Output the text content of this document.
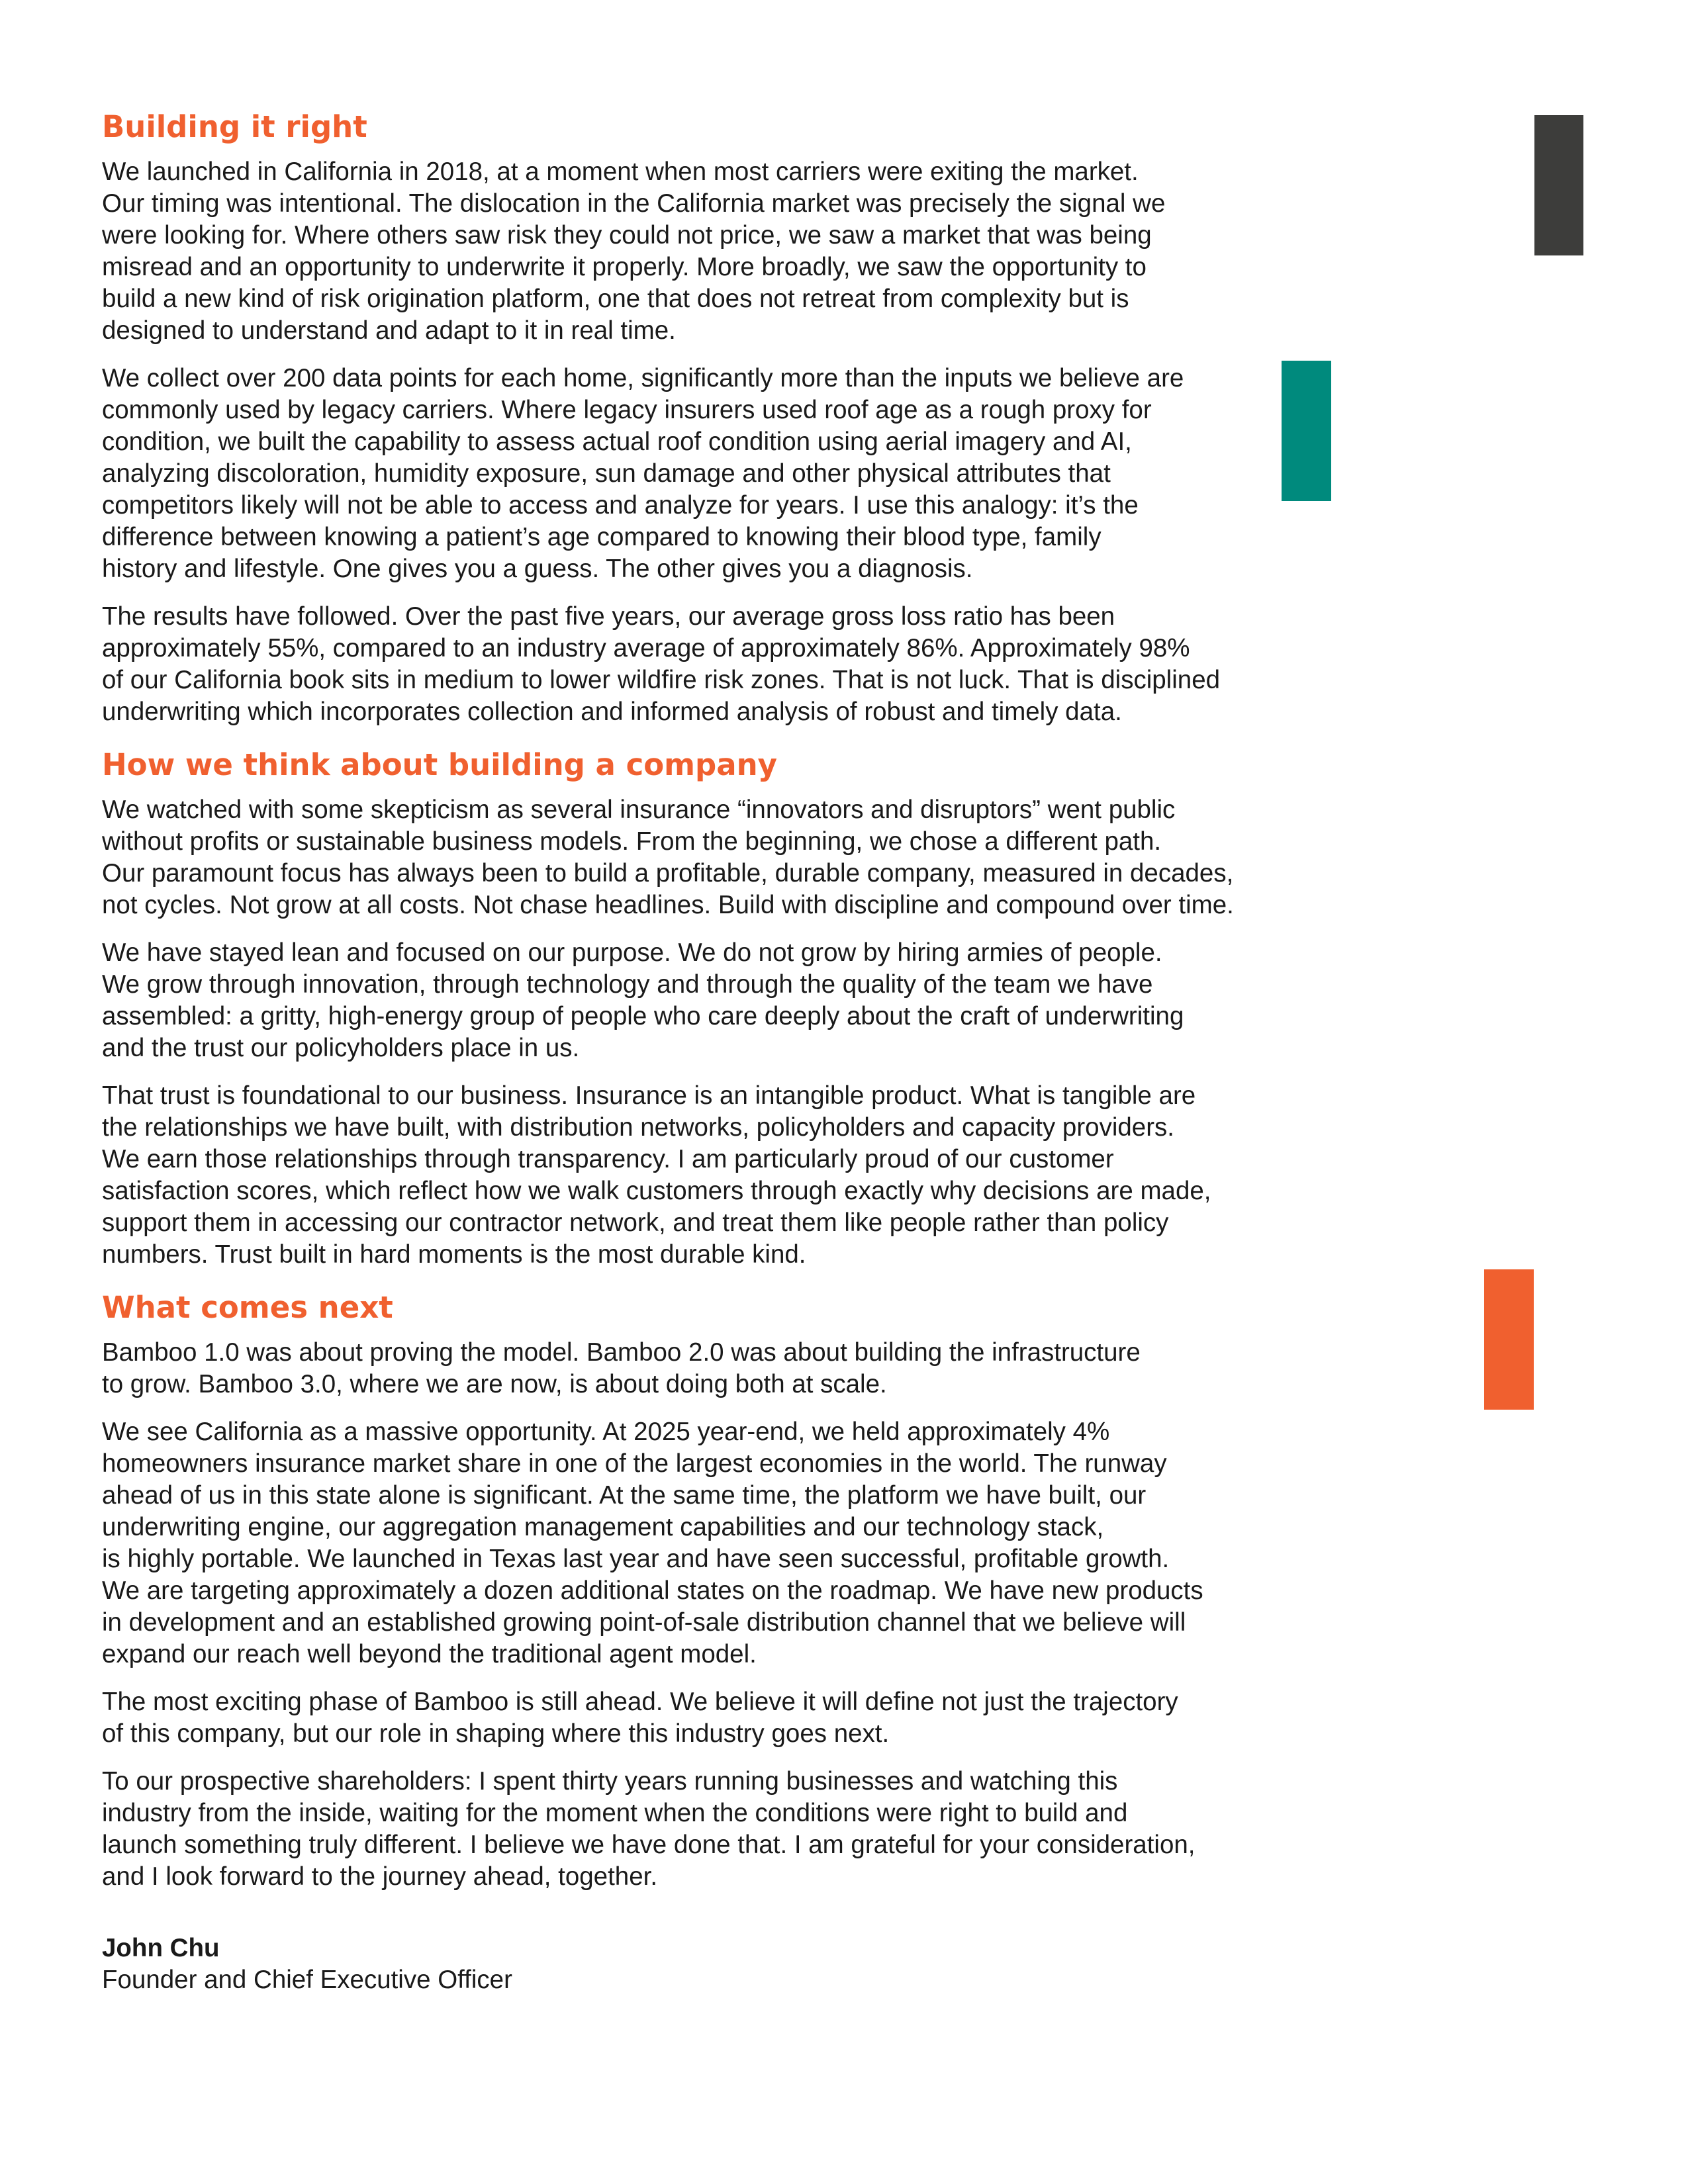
Building it right

We launched in California in 2018, at a moment when most carriers were exiting the market.
Our timing was intentional. The dislocation in the California market was precisely the signal we
were looking for. Where others saw risk they could not price, we saw a market that was being
misread and an opportunity to underwrite it properly. More broadly, we saw the opportunity to
build a new kind of risk origination platform, one that does not retreat from complexity but is
designed to understand and adapt to it in real time.

We collect over 200 data points for each home, significantly more than the inputs we believe are
commonly used by legacy carriers. Where legacy insurers used roof age as a rough proxy for
condition, we built the capability to assess actual roof condition using aerial imagery and AI,
analyzing discoloration, humidity exposure, sun damage and other physical attributes that
competitors likely will not be able to access and analyze for years. I use this analogy: it’s the
difference between knowing a patient’s age compared to knowing their blood type, family
history and lifestyle. One gives you a guess. The other gives you a diagnosis.

The results have followed. Over the past five years, our average gross loss ratio has been
approximately 55%, compared to an industry average of approximately 86%. Approximately 98%
of our California book sits in medium to lower wildfire risk zones. That is not luck. That is disciplined
underwriting which incorporates collection and informed analysis of robust and timely data.

How we think about building a company

We watched with some skepticism as several insurance “innovators and disruptors” went public
without profits or sustainable business models. From the beginning, we chose a different path.
Our paramount focus has always been to build a profitable, durable company, measured in decades,
not cycles. Not grow at all costs. Not chase headlines. Build with discipline and compound over time.

We have stayed lean and focused on our purpose. We do not grow by hiring armies of people.
We grow through innovation, through technology and through the quality of the team we have
assembled: a gritty, high-energy group of people who care deeply about the craft of underwriting
and the trust our policyholders place in us.

That trust is foundational to our business. Insurance is an intangible product. What is tangible are
the relationships we have built, with distribution networks, policyholders and capacity providers.
We earn those relationships through transparency. I am particularly proud of our customer
satisfaction scores, which reflect how we walk customers through exactly why decisions are made,
support them in accessing our contractor network, and treat them like people rather than policy
numbers. Trust built in hard moments is the most durable kind.

What comes next

Bamboo 1.0 was about proving the model. Bamboo 2.0 was about building the infrastructure
to grow. Bamboo 3.0, where we are now, is about doing both at scale.

We see California as a massive opportunity. At 2025 year-end, we held approximately 4%
homeowners insurance market share in one of the largest economies in the world. The runway
ahead of us in this state alone is significant. At the same time, the platform we have built, our
underwriting engine, our aggregation management capabilities and our technology stack,
is highly portable. We launched in Texas last year and have seen successful, profitable growth.
We are targeting approximately a dozen additional states on the roadmap. We have new products
in development and an established growing point-of-sale distribution channel that we believe will
expand our reach well beyond the traditional agent model.

The most exciting phase of Bamboo is still ahead. We believe it will define not just the trajectory
of this company, but our role in shaping where this industry goes next.

To our prospective shareholders: I spent thirty years running businesses and watching this
industry from the inside, waiting for the moment when the conditions were right to build and
launch something truly different. I believe we have done that. I am grateful for your consideration,
and I look forward to the journey ahead, together.

John Chu
Founder and Chief Executive Officer
